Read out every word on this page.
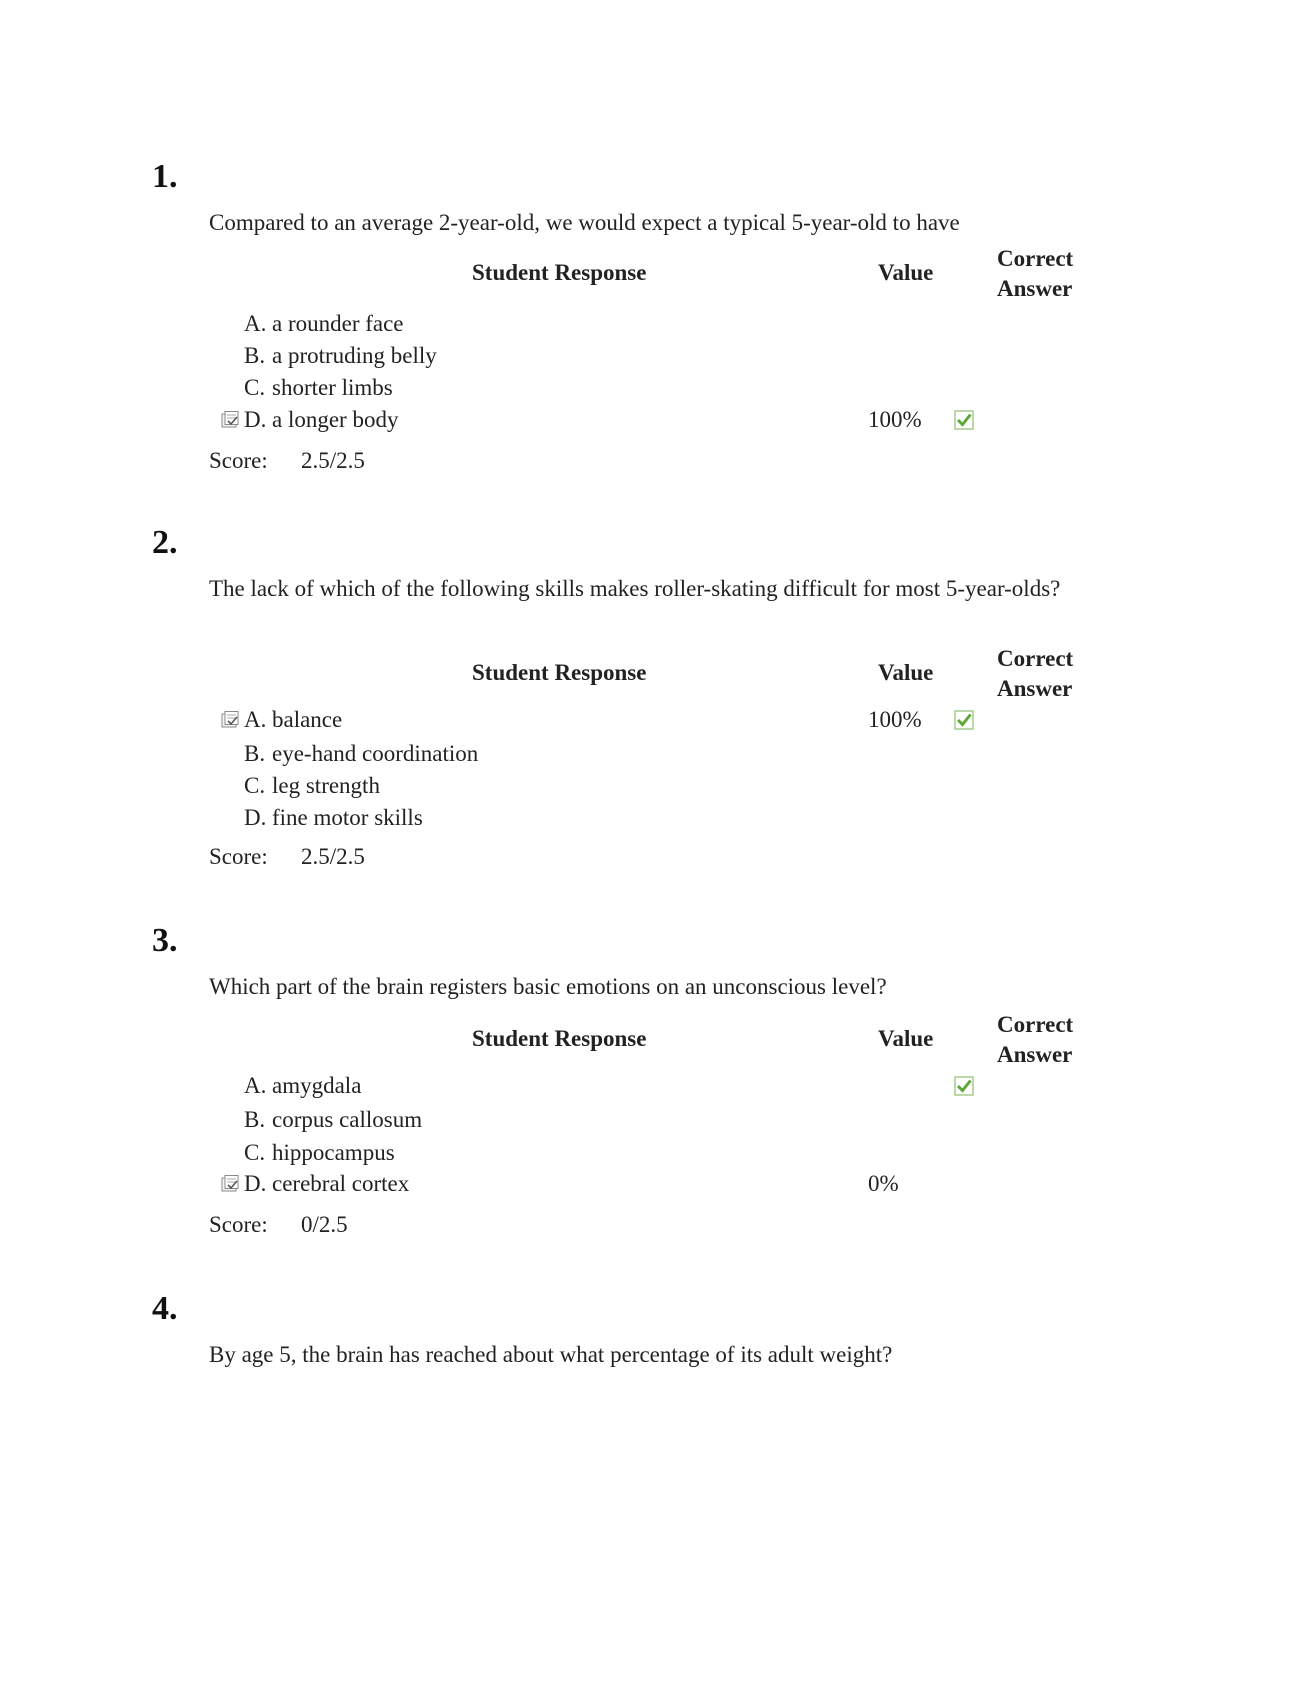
1.
Compared to an average 2-year-old, we would expect a typical 5-year-old to have
Student Response	Value
Correct
Answer
A. a rounder face
B. a protruding belly
C. shorter limbs
D. a longer body	100%
Score: 2.5/2.5
2.
The lack of which of the following skills makes roller-skating difficult for most 5-year-olds?
Student Response	Value
Correct
Answer
A. balance	100%
B. eye-hand coordination
C. leg strength
D. fine motor skills
Score: 2.5/2.5
3.
Which part of the brain registers basic emotions on an unconscious level?
Student Response	Value
Correct
Answer
A. amygdala
B. corpus callosum
C. hippocampus
D. cerebral cortex	0%
Score: 0/2.5
4.
By age 5, the brain has reached about what percentage of its adult weight?
